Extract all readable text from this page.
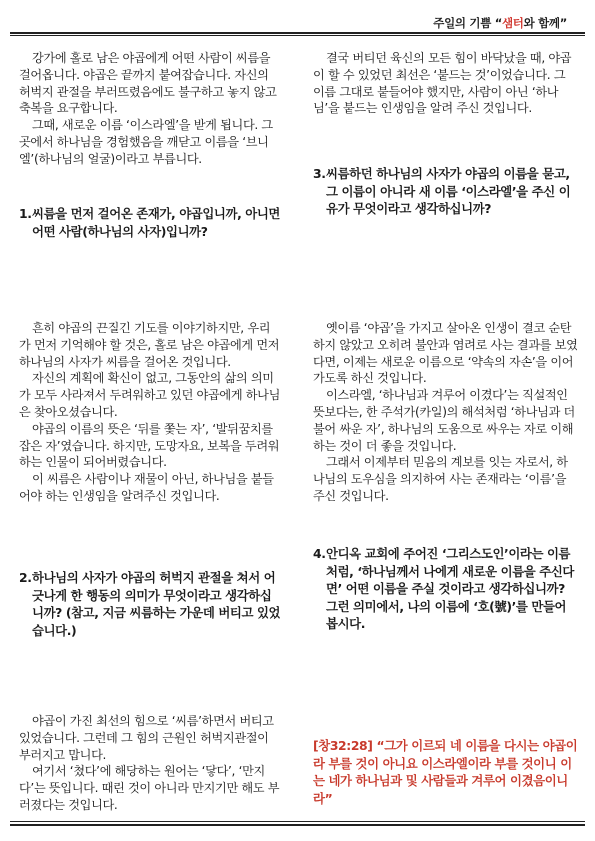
주일의 기쁨 “샘터와 함께”

강가에 홀로 남은 야곱에게 어떤 사람이 씨름을 걸어옵니다. 야곱은 끝까지 붙여잡습니다. 자신의 허벅지 관절을 부러뜨렸음에도 불구하고 놓지 않고 축복을 요구합니다.

그때, 새로운 이름 ‘이스라엘’을 받게 됩니다. 그곳에서 하나님을 경험했음을 깨닫고 이름을 ‘브니엘’(하나님의 얼굴)이라고 부릅니다.

1. 씨름을 먼저 걸어온 존재가, 야곱입니까, 아니면 어떤 사람(하나님의 사자)입니까?

흔히 야곱의 끈질긴 기도를 이야기하지만, 우리가 먼저 기억해야 할 것은, 홀로 남은 야곱에게 먼저 하나님의 사자가 씨름을 걸어온 것입니다.

자신의 계획에 확신이 없고, 그동안의 삶의 의미가 모두 사라져서 두려워하고 있던 야곱에게 하나님은 찾아오셨습니다.

야곱의 이름의 뜻은 ‘뒤를 쫓는 자’, ‘발뒤꿈치를 잡은 자’였습니다. 하지만, 도망자요, 보복을 두려워하는 인물이 되어버렸습니다.

이 씨름은 사람이나 재물이 아닌, 하나님을 붙들어야 하는 인생임을 알려주신 것입니다.

2. 하나님의 사자가 야곱의 허벅지 관절을 쳐서 어긋나게 한 행동의 의미가 무엇이라고 생각하십니까? (참고, 지금 씨름하는 가운데 버티고 있었습니다.)

야곱이 가진 최선의 힘으로 ‘씨름’하면서 버티고 있었습니다. 그런데 그 힘의 근원인 허벅지관절이 부러지고 맙니다.

여기서 ‘쳤다’에 해당하는 원어는 ‘닿다’, ‘만지다’는 뜻입니다. 때린 것이 아니라 만지기만 해도 부러졌다는 것입니다.

결국 버티던 육신의 모든 힘이 바닥났을 때, 야곱이 할 수 있었던 최선은 ‘붙드는 것’이었습니다. 그 이름 그대로 붙들어야 했지만, 사람이 아닌 ‘하나님’을 붙드는 인생임을 알려 주신 것입니다.

3. 씨름하던 하나님의 사자가 야곱의 이름을 묻고, 그 이름이 아니라 새 이름 ‘이스라엘’을 주신 이유가 무엇이라고 생각하십니까?

옛이름 ‘야곱’을 가지고 살아온 인생이 결코 순탄하지 않았고 오히려 불안과 염려로 사는 결과를 보였다면, 이제는 새로운 이름으로 ‘약속의 자손’을 이어가도록 하신 것입니다.

이스라엘, ‘하나님과 겨루어 이겼다’는 직설적인 뜻보다는, 한 주석가(카일)의 해석처럼 ‘하나님과 더불어 싸운 자’, 하나님의 도움으로 싸우는 자로 이해하는 것이 더 좋을 것입니다.

그래서 이제부터 믿음의 계보를 잇는 자로서, 하나님의 도우심을 의지하여 사는 존재라는 ‘이름’을 주신 것입니다.

4. 안디옥 교회에 주어진 ‘그리스도인’이라는 이름처럼, ‘하나님께서 나에게 새로운 이름을 주신다면’ 어떤 이름을 주실 것이라고 생각하십니까? 그런 의미에서, 나의 이름에 ‘호(號)’를 만들어 봅시다.
[창32:28] “그가 이르되 네 이름을 다시는 야곱이라 부를 것이 아니요 이스라엘이라 부를 것이니 이는 네가 하나님과 및 사람들과 겨루어 이겼음이니라”
